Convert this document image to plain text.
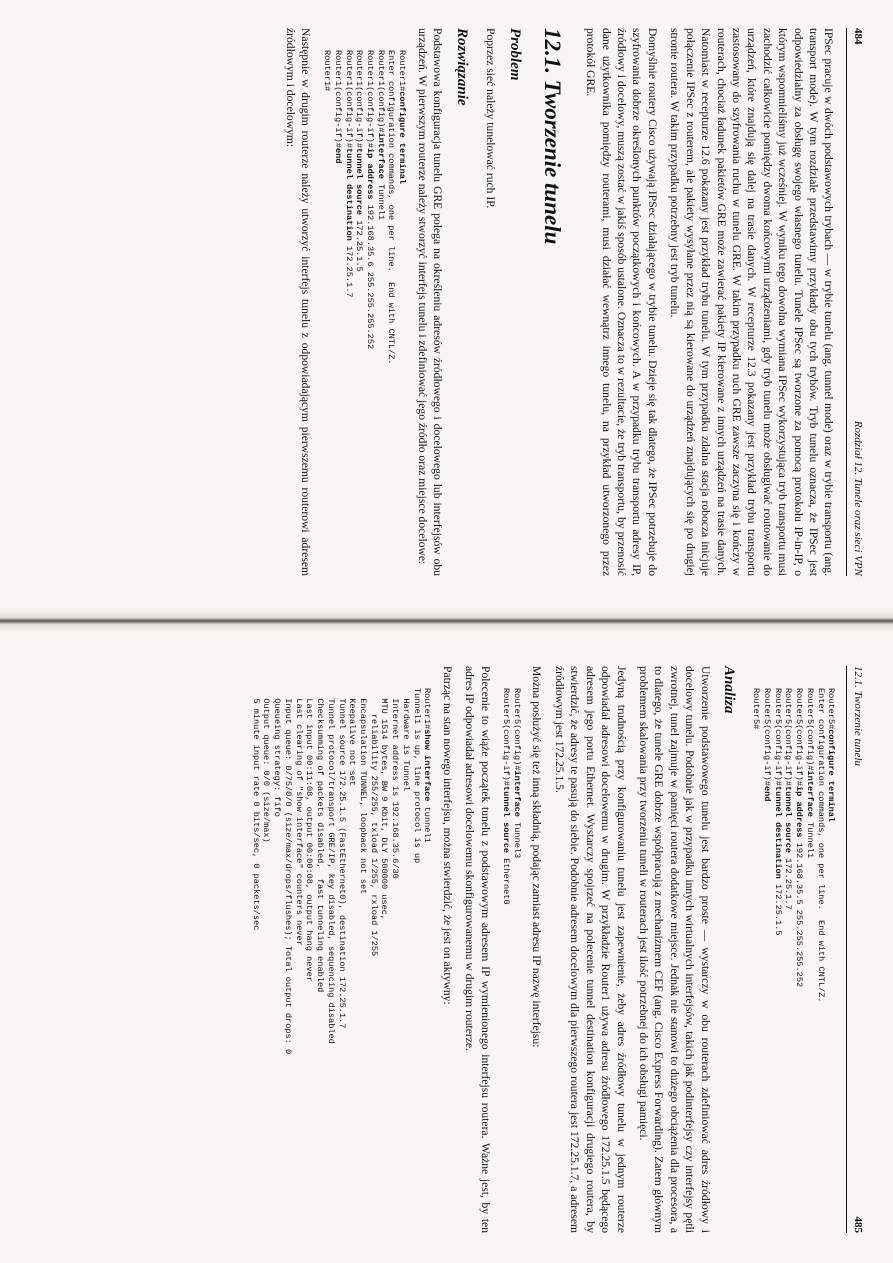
484
Rozdział 12. Tunele oraz sieci VPN

IPSec pracuje w dwóch podstawowych trybach — w trybie tunelu (ang. tunnel mode) oraz w trybie transportu (ang. transport mode). W tym rozdziale przedstawimy przykłady obu tych trybów. Tryb tunelu oznacza, że IPSec jest odpowiedzialny za obsługę swojego własnego tunelu. Tunele IPSec są tworzone za pomocą protokołu IP-in-IP, o którym wspomnieliśmy już wcześniej. W wyniku tego dowolna wymiana IPSec wykorzystująca tryb transportu musi zachodzić całkowicie pomiędzy dwoma końcowymi urządzeniami, gdy tryb tunelu może obsługiwać routowanie do urządzeń, które znajdują się dalej na trasie danych. W recepturze 12.3 pokazany jest przykład trybu transportu zastosowany do szyfrowania ruchu w tunelu GRE. W takim przypadku ruch GRE zawsze zaczyna się i kończy w routerach, chociaż ładunek pakietów GRE może zawierać pakiety IP kierowane z innych urządzeń na trasie danych. Natomiast w recepturze 12.6 pokazany jest przykład trybu tunelu. W tym przypadku zdalna stacja robocza inicjuje połączenie IPSec z routerem, ale pakiety wysyłane przez nią są kierowane do urządzeń znajdujących się po drugiej stronie routera. W takim przypadku potrzebny jest tryb tunelu.

Domyślnie routery Cisco używają IPSec działającego w trybie tunelu. Dzieje się tak dlatego, że IPSec potrzebuje do szyfrowania dobrze określonych punktów początkowych i końcowych. A w przypadku trybu transportu adresy IP, źródłowy i docelowy, muszą zostać w jakiś sposób ustalone. Oznacza to w rezultacie, że tryb transportu, by przenosić dane użytkownika pomiędzy routerami, musi działać wewnątrz innego tunelu, na przykład utworzonego przez protokół GRE.

12.1. Tworzenie tunelu
Problem

Poprzez sieć należy tunelować ruch IP.

Rozwiązanie

Podstawowa konfiguracja tunelu GRE polega na określeniu adresów źródłowego i docelowego lub interfejsów obu urządzeń. W pierwszym routerze należy stworzyć interfejs tunelu i zdefiniować jego źródło oraz miejsce docelowe:

Router1#configure terminal
Enter configuration commands, one per line.  End with CNTL/Z.
Router1(config)#interface Tunnel1
Router1(config-if)#ip address 192.168.35.6 255.255.255.252
Router1(config-if)#tunnel source 172.25.1.5
Router1(config-if)#tunnel destination 172.25.1.7
Router1(config-if)#end
Router1#

Następnie w drugim routerze należy utworzyć interfejs tunelu z odpowiadającym pierwszemu routerowi adresem źródłowym i docelowym:

12.1. Tworzenie tunelu
485
Router5#configure terminal
Enter configuration commands, one per line.  End with CNTL/Z.
Router5(config)#interface Tunnel1
Router5(config-if)#ip address 192.168.35.5 255.255.255.252
Router5(config-if)#tunnel source 172.25.1.7
Router5(config-if)#tunnel destination 172.25.1.5
Router5(config-if)#end
Router5#
Analiza

Utworzenie podstawowego tunelu jest bardzo proste — wystarczy w obu routerach zdefiniować adres źródłowy i docelowy tunelu. Podobnie jak w przypadku innych wirtualnych interfejsów, takich jak podinterfejsy czy interfejsy pętli zwrotnej, tunel zajmuje w pamięci routera dodatkowe miejsce. Jednak nie stanowi to dużego obciążenia dla procesora, a to dlatego, że tunele GRE dobrze współpracują z mechanizmem CEF (ang. Cisco Express Forwarding). Zatem głównym problemem skalowania przy tworzeniu tuneli w routerach jest ilość potrzebnej do ich obsługi pamięci.

Jedyną trudnością przy konfigurowaniu tunelu jest zapewnienie, żeby adres źródłowy tunelu w jednym routerze odpowiadał adresowi docelowemu w drugim. W przykładzie Router1 używa adresu źródłowego 172.25.1.5 będącego adresem jego portu Ethernet. Wystarczy spojrzeć na polecenie tunnel destination konfiguracji drugiego routera, by stwierdzić, że adresy te pasują do siebie. Podobnie adresem docelowym dla pierwszego routera jest 172.25.1.7, a adresem źródłowym jest 172.25.1.5.

Można posłużyć się też inną składnią, podając zamiast adresu IP nazwę interfejsu:

Router5(config)#interface Tunnel3
Router5(config-if)#tunnel source Ethernet0

Polecenie to wiąże początek tunelu z podstawowym adresem IP wymienionego interfejsu routera. Ważne jest, by ten adres IP odpowiadał adresowi docelowemu skonfigurowanemu w drugim routerze.

Patrząc na stan nowego interfejsu, można stwierdzić, że jest on aktywny:

Router1#show interface tunnel1
Tunnel1 is up, line protocol is up
Hardware is Tunnel
Internet address is 192.168.35.6/30
MTU 1514 bytes, BW 9 Kbit, DLY 500000 usec,
reliability 255/255, txload 1/255, rxload 1/255
Encapsulation TUNNEL, loopback not set
Keepalive not set
Tunnel source 172.25.1.5 (FastEthernet0), destination 172.25.1.7
Tunnel protocol/transport GRE/IP, key disabled, sequencing disabled
Checksumming of packets disabled,  fast tunneling enabled
Last input 00:11:08, output 00:00:08, output hang never
Last clearing of "show interface" counters never
Input queue: 0/75/0/0 (size/max/drops/flushes); Total output drops: 0
Queueing strategy: fifo
Output queue: 0/0 (size/max)
5 minute input rate 0 bits/sec, 0 packets/sec
